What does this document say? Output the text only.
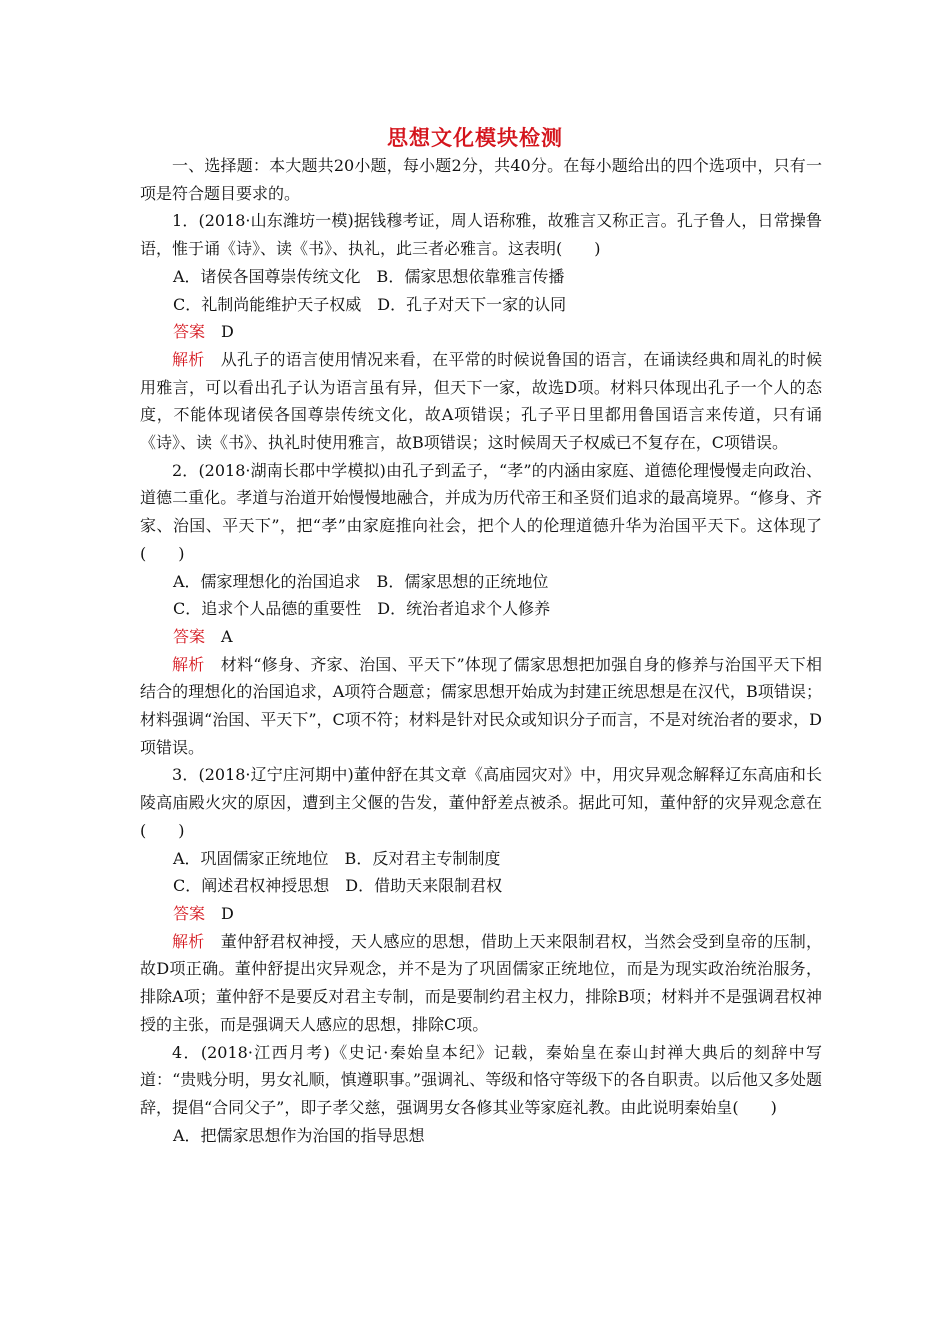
思想文化模块检测

一、选择题：本大题共20小题，每小题2分，共40分。在每小题给出的四个选项中，只有一项是符合题目要求的。

1．(2018·山东潍坊一模)据钱穆考证，周人语称雅，故雅言又称正言。孔子鲁人，日常操鲁语，惟于诵《诗》、读《书》、执礼，此三者必雅言。这表明(　　)

A．诸侯各国尊崇传统文化　B．儒家思想依靠雅言传播

C．礼制尚能维护天子权威　D．孔子对天下一家的认同

答案 D

解析 从孔子的语言使用情况来看，在平常的时候说鲁国的语言，在诵读经典和周礼的时候用雅言，可以看出孔子认为语言虽有异，但天下一家，故选D项。材料只体现出孔子一个人的态度，不能体现诸侯各国尊崇传统文化，故A项错误；孔子平日里都用鲁国语言来传道，只有诵《诗》、读《书》、执礼时使用雅言，故B项错误；这时候周天子权威已不复存在，C项错误。

2．(2018·湖南长郡中学模拟)由孔子到孟子，“孝”的内涵由家庭、道德伦理慢慢走向政治、道德二重化。孝道与治道开始慢慢地融合，并成为历代帝王和圣贤们追求的最高境界。“修身、齐家、治国、平天下”，把“孝”由家庭推向社会，把个人的伦理道德升华为治国平天下。这体现了(　　)

A．儒家理想化的治国追求　B．儒家思想的正统地位

C．追求个人品德的重要性　D．统治者追求个人修养

答案 A

解析 材料“修身、齐家、治国、平天下”体现了儒家思想把加强自身的修养与治国平天下相结合的理想化的治国追求，A项符合题意；儒家思想开始成为封建正统思想是在汉代，B项错误；材料强调“治国、平天下”，C项不符；材料是针对民众或知识分子而言，不是对统治者的要求，D项错误。

3．(2018·辽宁庄河期中)董仲舒在其文章《高庙园灾对》中，用灾异观念解释辽东高庙和长陵高庙殿火灾的原因，遭到主父偃的告发，董仲舒差点被杀。据此可知，董仲舒的灾异观念意在(　　)

A．巩固儒家正统地位　B．反对君主专制制度

C．阐述君权神授思想　D．借助天来限制君权

答案 D

解析 董仲舒君权神授，天人感应的思想，借助上天来限制君权，当然会受到皇帝的压制，故D项正确。董仲舒提出灾异观念，并不是为了巩固儒家正统地位，而是为现实政治统治服务，排除A项；董仲舒不是要反对君主专制，而是要制约君主权力，排除B项；材料并不是强调君权神授的主张，而是强调天人感应的思想，排除C项。

4．(2018·江西月考)《史记·秦始皇本纪》记载，秦始皇在泰山封禅大典后的刻辞中写道：“贵贱分明，男女礼顺，慎遵职事。”强调礼、等级和恪守等级下的各自职责。以后他又多处题辞，提倡“合同父子”，即子孝父慈，强调男女各修其业等家庭礼教。由此说明秦始皇(　　)

A．把儒家思想作为治国的指导思想
